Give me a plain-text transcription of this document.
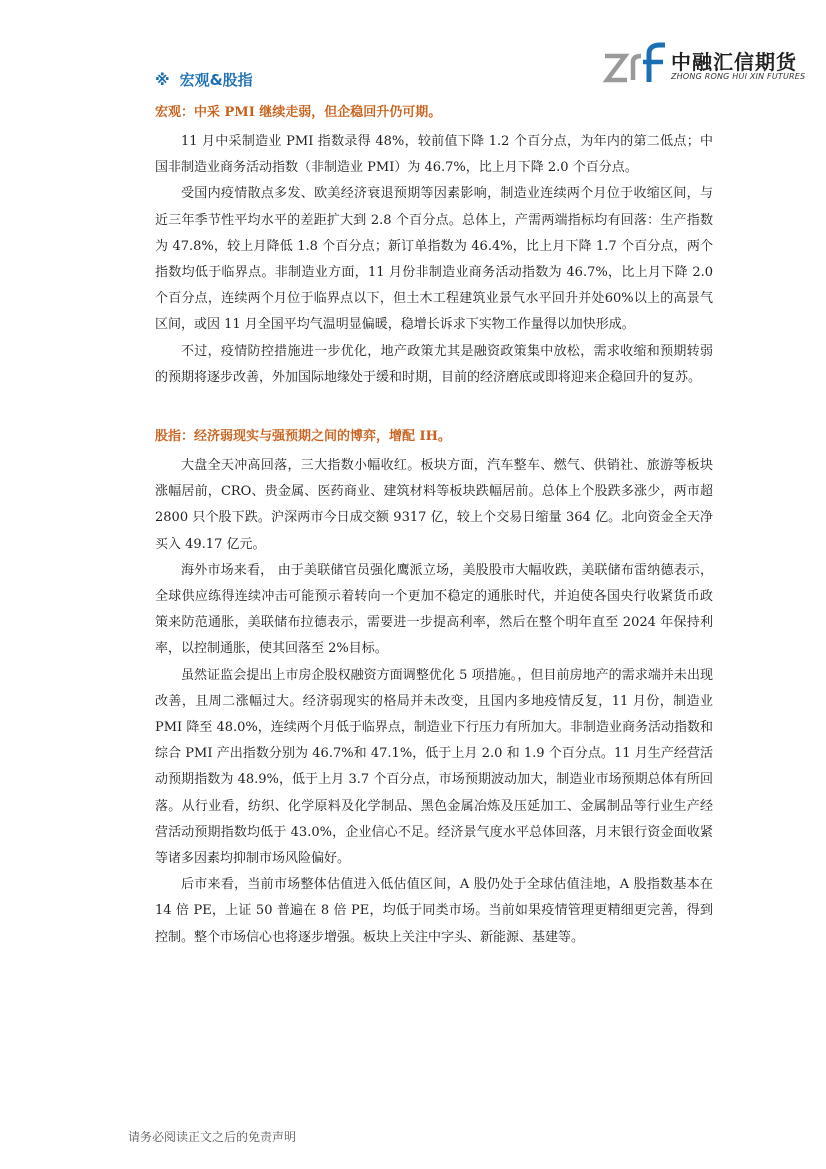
中融汇信期货
ZHONG RONG HUI XIN FUTURES
※ 宏观&股指
宏观：中采 PMI 继续走弱，但企稳回升仍可期。

11 月中采制造业 PMI 指数录得 48%，较前值下降 1.2 个百分点，为年内的第二低点；中国非制造业商务活动指数（非制造业 PMI）为 46.7%，比上月下降 2.0 个百分点。

受国内疫情散点多发、欧美经济衰退预期等因素影响，制造业连续两个月位于收缩区间，与近三年季节性平均水平的差距扩大到 2.8 个百分点。总体上，产需两端指标均有回落：生产指数为 47.8%，较上月降低 1.8 个百分点；新订单指数为 46.4%，比上月下降 1.7 个百分点，两个指数均低于临界点。非制造业方面，11 月份非制造业商务活动指数为 46.7%，比上月下降 2.0 个百分点，连续两个月位于临界点以下，但土木工程建筑业景气水平回升并处60%以上的高景气区间，或因 11 月全国平均气温明显偏暖，稳增长诉求下实物工作量得以加快形成。

不过，疫情防控措施进一步优化，地产政策尤其是融资政策集中放松，需求收缩和预期转弱的预期将逐步改善，外加国际地缘处于缓和时期，目前的经济磨底或即将迎来企稳回升的复苏。

股指：经济弱现实与强预期之间的博弈，增配 IH。

大盘全天冲高回落，三大指数小幅收红。板块方面，汽车整车、燃气、供销社、旅游等板块涨幅居前，CRO、贵金属、医药商业、建筑材料等板块跌幅居前。总体上个股跌多涨少，两市超 2800 只个股下跌。沪深两市今日成交额 9317 亿，较上个交易日缩量 364 亿。北向资金全天净买入 49.17 亿元。

海外市场来看， 由于美联储官员强化鹰派立场，美股股市大幅收跌，美联储布雷纳德表示，全球供应练得连续冲击可能预示着转向一个更加不稳定的通胀时代，并迫使各国央行收紧货币政策来防范通胀，美联储布拉德表示，需要进一步提高利率，然后在整个明年直至 2024 年保持利率，以控制通胀，使其回落至 2%目标。

虽然证监会提出上市房企股权融资方面调整优化 5 项措施。，但目前房地产的需求端并未出现改善，且周二涨幅过大。经济弱现实的格局并未改变，且国内多地疫情反复，11 月份，制造业 PMI 降至 48.0%，连续两个月低于临界点，制造业下行压力有所加大。非制造业商务活动指数和综合 PMI 产出指数分别为 46.7%和 47.1%，低于上月 2.0 和 1.9 个百分点。11 月生产经营活动预期指数为 48.9%，低于上月 3.7 个百分点，市场预期波动加大，制造业市场预期总体有所回落。从行业看，纺织、化学原料及化学制品、黑色金属冶炼及压延加工、金属制品等行业生产经营活动预期指数均低于 43.0%，企业信心不足。经济景气度水平总体回落，月末银行资金面收紧等诸多因素均抑制市场风险偏好。

后市来看，当前市场整体估值进入低估值区间，A 股仍处于全球估值洼地，A 股指数基本在 14 倍 PE，上证 50 普遍在 8 倍 PE，均低于同类市场。当前如果疫情管理更精细更完善，得到控制。整个市场信心也将逐步增强。板块上关注中字头、新能源、基建等。

请务必阅读正文之后的免责声明
